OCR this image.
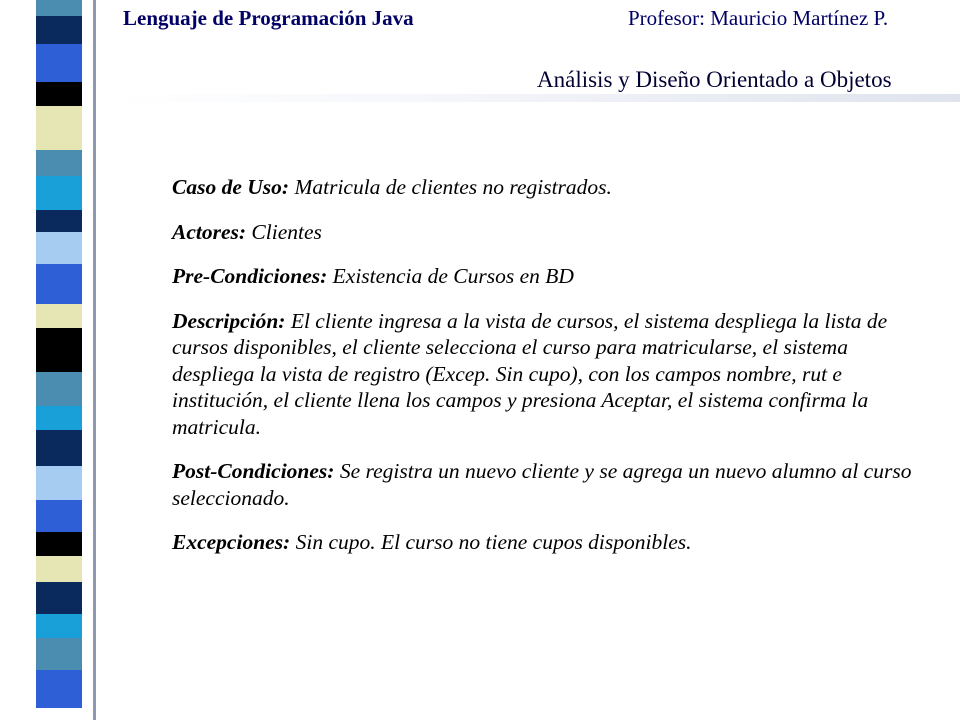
Lenguaje de Programación Java	Profesor: Mauricio Martínez P.
Análisis y Diseño Orientado a Objetos

Caso de Uso: Matricula de clientes no registrados.

Actores: Clientes

Pre-Condiciones: Existencia de Cursos en BD

Descripción: El cliente ingresa a la vista de cursos, el sistema despliega la lista de cursos disponibles, el cliente selecciona el curso para matricularse, el sistema despliega la vista de registro (Excep. Sin cupo), con los campos nombre, rut e institución, el cliente llena los campos y presiona Aceptar, el sistema confirma la matricula.

Post-Condiciones: Se registra un nuevo cliente y se agrega un nuevo alumno al curso seleccionado.

Excepciones: Sin cupo. El curso no tiene cupos disponibles.
